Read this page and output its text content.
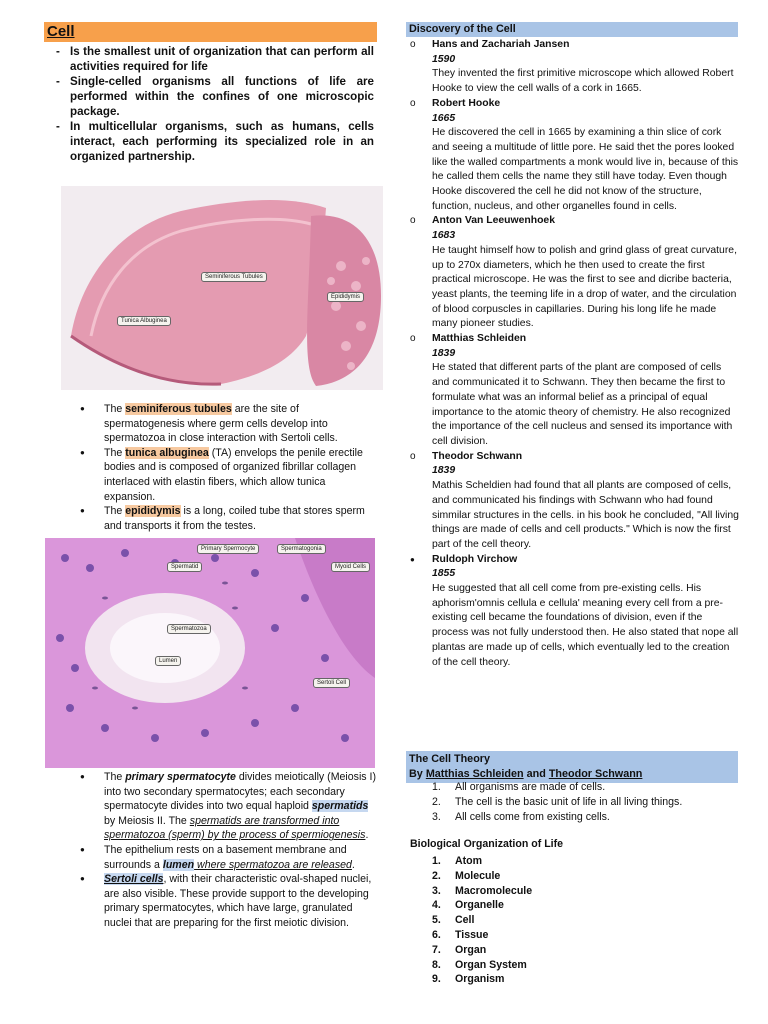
Cell
- Is the smallest unit of organization that can perform all activities required for life
- Single-celled organisms all functions of life are performed within the confines of one microscopic package.
- In multicellular organisms, such as humans, cells interact, each performing its specialized role in an organized partnership.
Seminiferous Tubules
Epididymis
Tunica Albuginea
● The seminiferous tubules are the site of spermatogenesis where germ cells develop into spermatozoa in close interaction with Sertoli cells.
● The tunica albuginea (TA) envelops the penile erectile bodies and is composed of organized fibrillar collagen interlaced with elastin fibers, which allow tunica expansion.
● The epididymis is a long, coiled tube that stores sperm and transports it from the testes.
Primary Spermocyte	Spermatogonia
Spermatid	Myoid Cells
Spermatozoa
Lumen
Sertoli Cell
● The primary spermatocyte divides meiotically (Meiosis I) into two secondary spermatocytes; each secondary spermatocyte divides into two equal haploid spermatids by Meiosis II. The spermatids are transformed into spermatozoa (sperm) by the process of spermiogenesis.
● The epithelium rests on a basement membrane and surrounds a lumen where spermatozoa are released.
● Sertoli cells, with their characteristic oval-shaped nuclei, are also visible. These provide support to the developing primary spermatocytes, which have large, granulated nuclei that are preparing for the first meiotic division.
Discovery of the Cell
o Hans and Zachariah Jansen
1590
They invented the first primitive microscope which allowed Robert Hooke to view the cell walls of a cork in 1665.
o Robert Hooke
1665
He discovered the cell in 1665 by examining a thin slice of cork and seeing a multitude of little pore. He said thet the pores looked like the walled compartments a monk would live in, because of this he called them cells the name they still have today. Even though Hooke discovered the cell he did not know of the structure, function, nucleus, and other organelles found in cells.
o Anton Van Leeuwenhoek
1683
He taught himself how to polish and grind glass of great curvature, up to 270x diameters, which he then used to create the first practical microscope. He was the first to see and dicribe bacteria, yeast plants, the teeming life in a drop of water, and the circulation of blood corpuscles in capillaries. During his long life he made many pioneer studies.
o Matthias Schleiden
1839
He stated that different parts of the plant are composed of cells and communicated it to Schwann. They then became the first to formulate what was an informal belief as a principal of equal importance to the atomic theory of chemistry. He also recognized the importance of the cell nucleus and sensed its importance with cell division.
o Theodor Schwann
1839
Mathis Scheldien had found that all plants are composed of cells, and communicated his findings with Schwann who had found simmilar structures in the cells. in his book he concluded, "All living things are made of cells and cell products." Which is now the first part of the cell theory.
● Ruldoph Virchow
1855
He suggested that all cell come from pre-existing cells. His aphorism'omnis cellula e cellula' meaning every cell from a pre-existing cell became the foundations of division, even if the process was not fully understood then. He also stated that nope all plantas are made up of cells, which eventually led to the creation of the cell theory.
The Cell Theory
By Matthias Schleiden and Theodor Schwann
1. All organisms are made of cells.
2. The cell is the basic unit of life in all living things.
3. All cells come from existing cells.
Biological Organization of Life
1. Atom
2. Molecule
3. Macromolecule
4. Organelle
5. Cell
6. Tissue
7. Organ
8. Organ System
9. Organism
